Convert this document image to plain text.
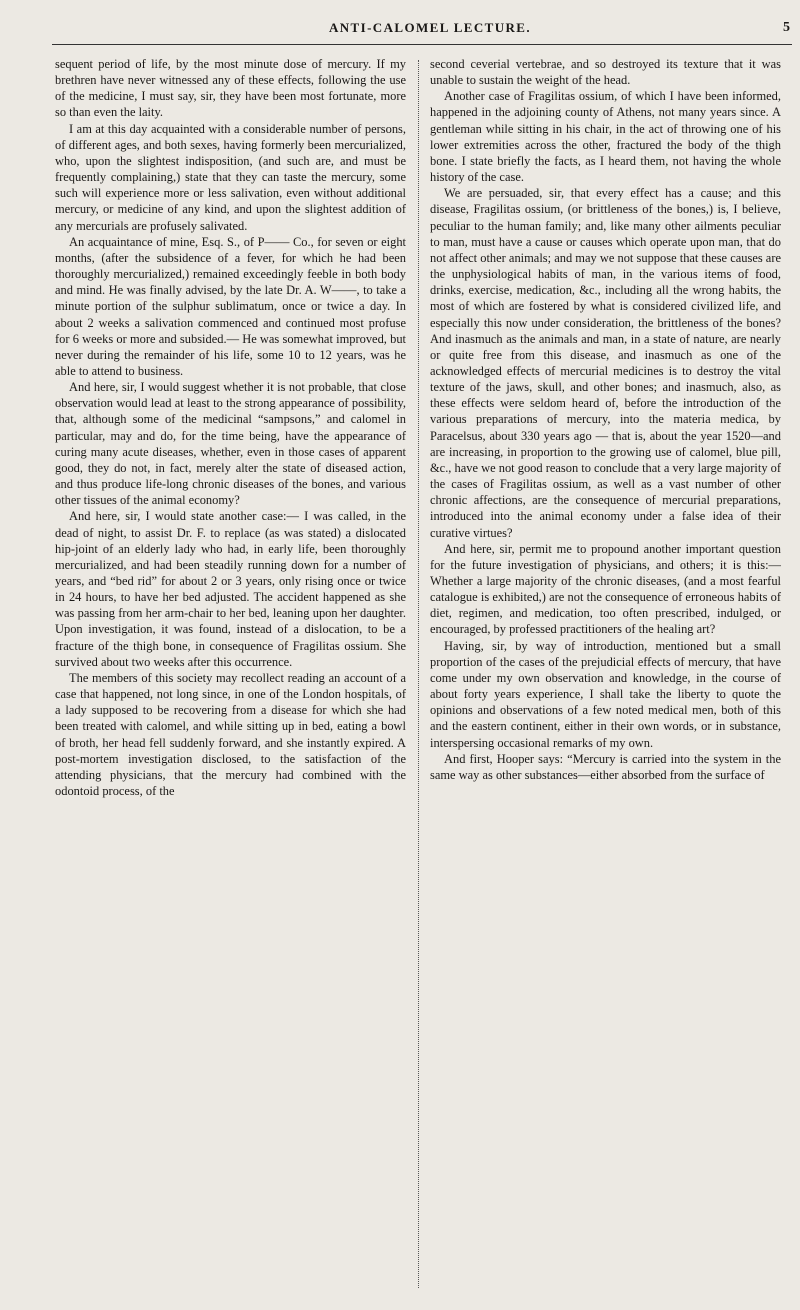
ANTI-CALOMEL LECTURE.	5

sequent period of life, by the most minute dose of mercury. If my brethren have never witnessed any of these effects, following the use of the medicine, I must say, sir, they have been most fortunate, more so than even the laity.

I am at this day acquainted with a considerable number of persons, of different ages, and both sexes, having formerly been mercurialized, who, upon the slightest indisposition, (and such are, and must be frequently complaining,) state that they can taste the mercury, some such will experience more or less salivation, even without additional mercury, or medicine of any kind, and upon the slightest addition of any mercurials are profusely salivated.

An acquaintance of mine, Esq. S., of P—— Co., for seven or eight months, (after the subsidence of a fever, for which he had been thoroughly mercurialized,) remained exceedingly feeble in both body and mind. He was finally advised, by the late Dr. A. W——, to take a minute portion of the sulphur sublimatum, once or twice a day. In about 2 weeks a salivation commenced and continued most profuse for 6 weeks or more and subsided.— He was somewhat improved, but never during the remainder of his life, some 10 to 12 years, was he able to attend to business.

And here, sir, I would suggest whether it is not probable, that close observation would lead at least to the strong appearance of possibility, that, although some of the medicinal “sampsons,” and calomel in particular, may and do, for the time being, have the appearance of curing many acute diseases, whether, even in those cases of apparent good, they do not, in fact, merely alter the state of diseased action, and thus produce life-long chronic diseases of the bones, and various other tissues of the animal economy?

And here, sir, I would state another case:— I was called, in the dead of night, to assist Dr. F. to replace (as was stated) a dislocated hip-joint of an elderly lady who had, in early life, been thoroughly mercurialized, and had been steadily running down for a number of years, and “bed rid” for about 2 or 3 years, only rising once or twice in 24 hours, to have her bed adjusted. The accident happened as she was passing from her arm-chair to her bed, leaning upon her daughter. Upon investigation, it was found, instead of a dislocation, to be a fracture of the thigh bone, in consequence of Fragilitas ossium. She survived about two weeks after this occurrence.

The members of this society may recollect reading an account of a case that happened, not long since, in one of the London hospitals, of a lady supposed to be recovering from a disease for which she had been treated with calomel, and while sitting up in bed, eating a bowl of broth, her head fell suddenly forward, and she instantly expired. A post-mortem investigation disclosed, to the satisfaction of the attending physicians, that the mercury had combined with the odontoid process, of the

second ceverial vertebrae, and so destroyed its texture that it was unable to sustain the weight of the head.

Another case of Fragilitas ossium, of which I have been informed, happened in the adjoining county of Athens, not many years since. A gentleman while sitting in his chair, in the act of throwing one of his lower extremities across the other, fractured the body of the thigh bone. I state briefly the facts, as I heard them, not having the whole history of the case.

We are persuaded, sir, that every effect has a cause; and this disease, Fragilitas ossium, (or brittleness of the bones,) is, I believe, peculiar to the human family; and, like many other ailments peculiar to man, must have a cause or causes which operate upon man, that do not affect other animals; and may we not suppose that these causes are the unphysiological habits of man, in the various items of food, drinks, exercise, medication, &c., including all the wrong habits, the most of which are fostered by what is considered civilized life, and especially this now under consideration, the brittleness of the bones? And inasmuch as the animals and man, in a state of nature, are nearly or quite free from this disease, and inasmuch as one of the acknowledged effects of mercurial medicines is to destroy the vital texture of the jaws, skull, and other bones; and inasmuch, also, as these effects were seldom heard of, before the introduction of the various preparations of mercury, into the materia medica, by Paracelsus, about 330 years ago — that is, about the year 1520—and are increasing, in proportion to the growing use of calomel, blue pill, &c., have we not good reason to conclude that a very large majority of the cases of Fragilitas ossium, as well as a vast number of other chronic affections, are the consequence of mercurial preparations, introduced into the animal economy under a false idea of their curative virtues?

And here, sir, permit me to propound another important question for the future investigation of physicians, and others; it is this:— Whether a large majority of the chronic diseases, (and a most fearful catalogue is exhibited,) are not the consequence of erroneous habits of diet, regimen, and medication, too often prescribed, indulged, or encouraged, by professed practitioners of the healing art?

Having, sir, by way of introduction, mentioned but a small proportion of the cases of the prejudicial effects of mercury, that have come under my own observation and knowledge, in the course of about forty years experience, I shall take the liberty to quote the opinions and observations of a few noted medical men, both of this and the eastern continent, either in their own words, or in substance, interspersing occasional remarks of my own.

And first, Hooper says: “Mercury is carried into the system in the same way as other substances—either absorbed from the surface of
